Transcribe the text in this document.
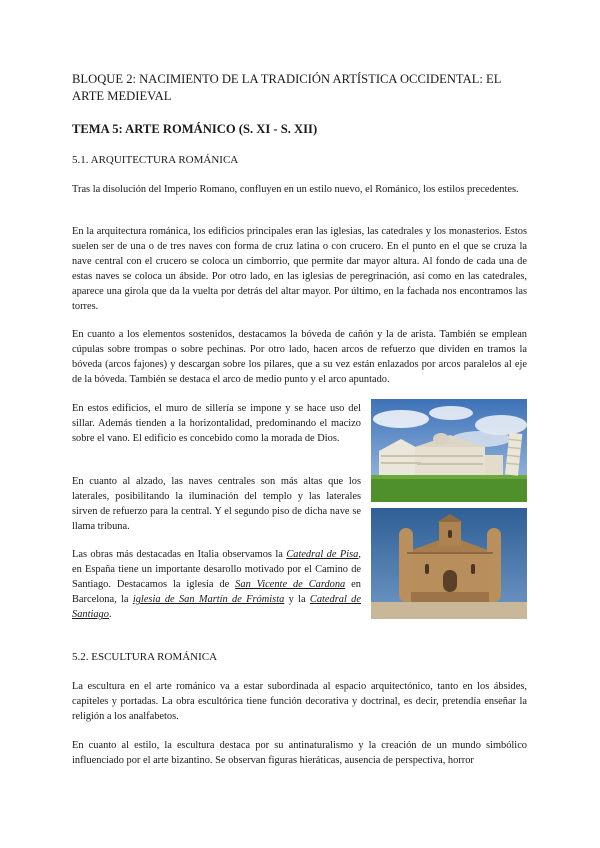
BLOQUE 2: NACIMIENTO DE LA TRADICIÓN ARTÍSTICA OCCIDENTAL: EL ARTE MEDIEVAL
TEMA 5: ARTE ROMÁNICO (S. XI - S. XII)
5.1. ARQUITECTURA ROMÁNICA
Tras la disolución del Imperio Romano, confluyen en un estilo nuevo, el Románico, los estilos precedentes.
En la arquitectura románica, los edificios principales eran las iglesias, las catedrales y los monasterios. Estos suelen ser de una o de tres naves con forma de cruz latina o con crucero. En el punto en el que se cruza la nave central con el crucero se coloca un cimborrio, que permite dar mayor altura. Al fondo de cada una de estas naves se coloca un ábside. Por otro lado, en las iglesias de peregrinación, así como en las catedrales, aparece una girola que da la vuelta por detrás del altar mayor. Por último, en la fachada nos encontramos las torres.
En cuanto a los elementos sostenidos, destacamos la bóveda de cañón y la de arista. También se emplean cúpulas sobre trompas o sobre pechinas. Por otro lado, hacen arcos de refuerzo que dividen en tramos la bóveda (arcos fajones) y descargan sobre los pilares, que a su vez están enlazados por arcos paralelos al eje de la bóveda. También se destaca el arco de medio punto y el arco apuntado.
En estos edificios, el muro de sillería se impone y se hace uso del sillar. Además tienden a la horizontalidad, predominando el macizo sobre el vano. El edificio es concebido como la morada de Dios.
En cuanto al alzado, las naves centrales son más altas que los laterales, posibilitando la iluminación del templo y las laterales sirven de refuerzo para la central. Y el segundo piso de dicha nave se llama tribuna.
Las obras más destacadas en Italia observamos la Catedral de Pisa, en España tiene un importante desarollo motivado por el Camino de Santiago. Destacamos la iglesia de San Vicente de Cardona en Barcelona, la iglesia de San Martín de Frómista y la Catedral de Santiago.
5.2. ESCULTURA ROMÁNICA
La escultura en el arte románico va a estar subordinada al espacio arquitectónico, tanto en los ábsides, capiteles y portadas. La obra escultórica tiene función decorativa y doctrinal, es decir, pretendía enseñar la religión a los analfabetos.
En cuanto al estilo, la escultura destaca por su antinaturalismo y la creación de un mundo simbólico influenciado por el arte bizantino. Se observan figuras hieráticas, ausencia de perspectiva, horror
